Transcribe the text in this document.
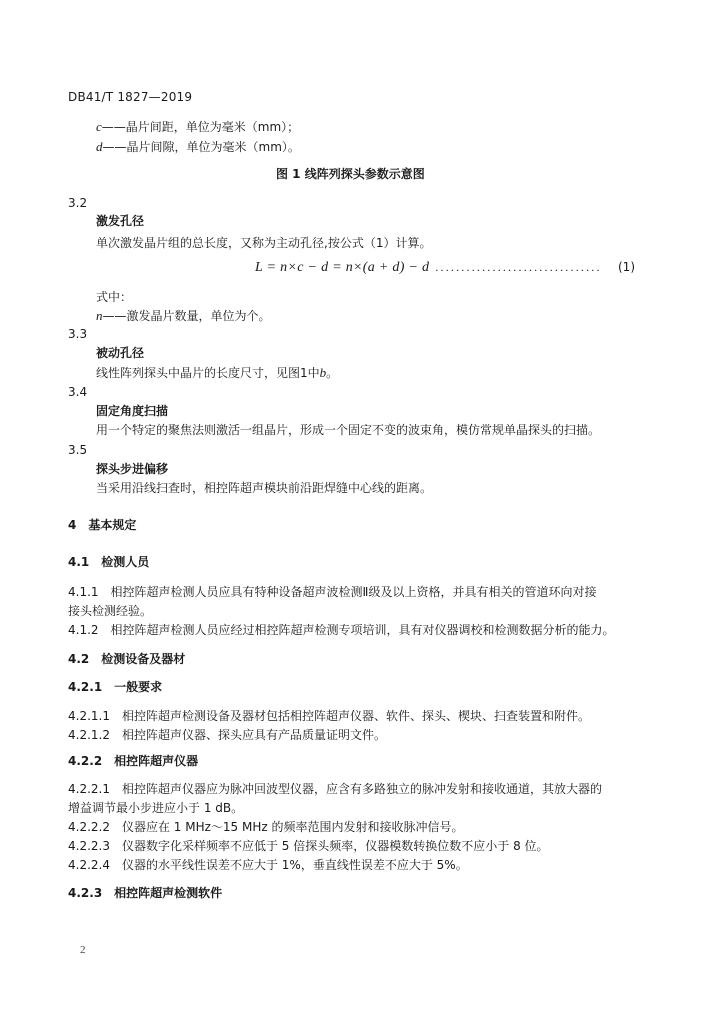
DB41/T 1827—2019
c——晶片间距，单位为毫米（mm）；
d——晶片间隙，单位为毫米（mm）。
图 1 线阵列探头参数示意图
3.2
激发孔径
单次激发晶片组的总长度，又称为主动孔径,按公式（1）计算。
L = n×c − d = n×(a + d) − d ................................ (1)
式中：
n——激发晶片数量，单位为个。
3.3
被动孔径
线性阵列探头中晶片的长度尺寸，见图1中b。
3.4
固定角度扫描
用一个特定的聚焦法则激活一组晶片，形成一个固定不变的波束角，模仿常规单晶探头的扫描。
3.5
探头步进偏移
当采用沿线扫查时，相控阵超声模块前沿距焊缝中心线的距离。
4 基本规定
4.1 检测人员
4.1.1 相控阵超声检测人员应具有特种设备超声波检测Ⅱ级及以上资格，并具有相关的管道环向对接
接头检测经验。
4.1.2 相控阵超声检测人员应经过相控阵超声检测专项培训，具有对仪器调校和检测数据分析的能力。
4.2 检测设备及器材
4.2.1 一般要求
4.2.1.1 相控阵超声检测设备及器材包括相控阵超声仪器、软件、探头、楔块、扫查装置和附件。
4.2.1.2 相控阵超声仪器、探头应具有产品质量证明文件。
4.2.2 相控阵超声仪器
4.2.2.1 相控阵超声仪器应为脉冲回波型仪器，应含有多路独立的脉冲发射和接收通道，其放大器的
增益调节最小步进应小于 1 dB。
4.2.2.2 仪器应在 1 MHz～15 MHz 的频率范围内发射和接收脉冲信号。
4.2.2.3 仪器数字化采样频率不应低于 5 倍探头频率，仪器模数转换位数不应小于 8 位。
4.2.2.4 仪器的水平线性误差不应大于 1%，垂直线性误差不应大于 5%。
4.2.3 相控阵超声检测软件
2
